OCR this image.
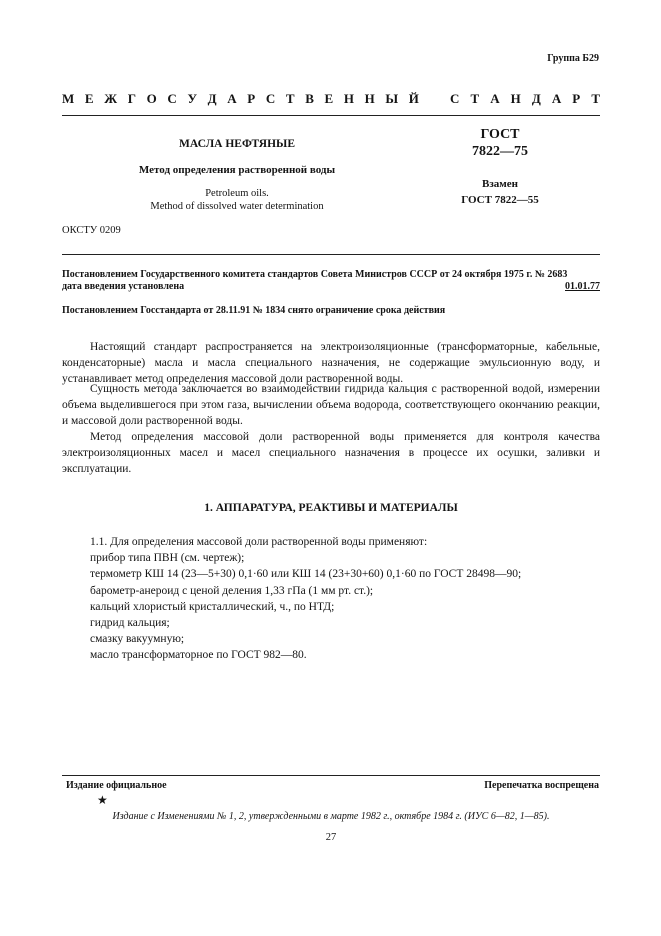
Группа Б29
М Е Ж Г О С У Д А Р С Т В Е Н Н Ы Й С Т А Н Д А Р Т
МАСЛА НЕФТЯНЫЕ
Метод определения растворенной воды
Petroleum oils.
Method of dissolved water determination
ГОСТ
7822—75
Взамен
ГОСТ 7822—55
ОКСТУ 0209
Постановлением Государственного комитета стандартов Совета Министров СССР от 24 октября 1975 г. № 2683
дата введения установлена	01.01.77
Постановлением Госстандарта от 28.11.91 № 1834 снято ограничение срока действия

Настоящий стандарт распространяется на электроизоляционные (трансформаторные, кабельные, конденсаторные) масла и масла специального назначения, не содержащие эмульсионную воду, и устанавливает метод определения массовой доли растворенной воды.

Сущность метода заключается во взаимодействии гидрида кальция с растворенной водой, измерении объема выделившегося при этом газа, вычислении объема водорода, соответствующего окончанию реакции, и массовой доли растворенной воды.

Метод определения массовой доли растворенной воды применяется для контроля качества электроизоляционных масел и масел специального назначения в процессе их осушки, заливки и эксплуатации.

1. АППАРАТУРА, РЕАКТИВЫ И МАТЕРИАЛЫ
1.1. Для определения массовой доли растворенной воды применяют:
прибор типа ПВН (см. чертеж);
термометр КШ 14 (23—5+30) 0,1·60 или КШ 14 (23+30+60) 0,1·60 по ГОСТ 28498—90;
барометр-анероид с ценой деления 1,33 гПа (1 мм рт. ст.);
кальций хлористый кристаллический, ч., по НТД;
гидрид кальция;
смазку вакуумную;
масло трансформаторное по ГОСТ 982—80.
Издание официальное	Перепечатка воспрещена
★
Издание с Изменениями № 1, 2, утвержденными в марте 1982 г., октябре 1984 г. (ИУС 6—82, 1—85).
27
